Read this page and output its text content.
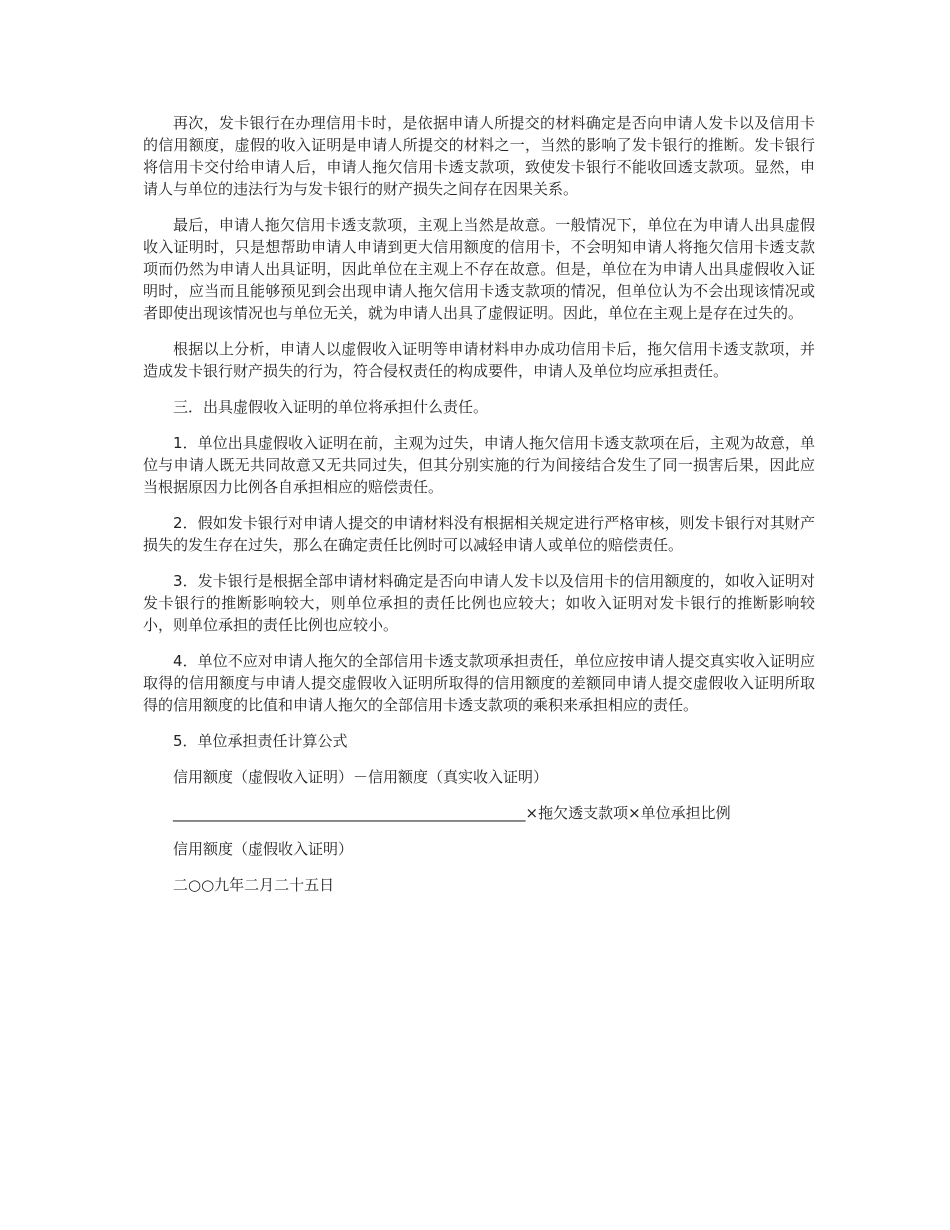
再次，发卡银行在办理信用卡时，是依据申请人所提交的材料确定是否向申请人发卡以及信用卡的信用额度，虚假的收入证明是申请人所提交的材料之一，当然的影响了发卡银行的推断。发卡银行将信用卡交付给申请人后，申请人拖欠信用卡透支款项，致使发卡银行不能收回透支款项。显然，申请人与单位的违法行为与发卡银行的财产损失之间存在因果关系。

最后，申请人拖欠信用卡透支款项，主观上当然是故意。一般情况下，单位在为申请人出具虚假收入证明时，只是想帮助申请人申请到更大信用额度的信用卡，不会明知申请人将拖欠信用卡透支款项而仍然为申请人出具证明，因此单位在主观上不存在故意。但是，单位在为申请人出具虚假收入证明时，应当而且能够预见到会出现申请人拖欠信用卡透支款项的情况，但单位认为不会出现该情况或者即使出现该情况也与单位无关，就为申请人出具了虚假证明。因此，单位在主观上是存在过失的。

根据以上分析，申请人以虚假收入证明等申请材料申办成功信用卡后，拖欠信用卡透支款项，并造成发卡银行财产损失的行为，符合侵权责任的构成要件，申请人及单位均应承担责任。

三．出具虚假收入证明的单位将承担什么责任。

1．单位出具虚假收入证明在前，主观为过失，申请人拖欠信用卡透支款项在后，主观为故意，单位与申请人既无共同故意又无共同过失，但其分别实施的行为间接结合发生了同一损害后果，因此应当根据原因力比例各自承担相应的赔偿责任。

2．假如发卡银行对申请人提交的申请材料没有根据相关规定进行严格审核，则发卡银行对其财产损失的发生存在过失，那么在确定责任比例时可以减轻申请人或单位的赔偿责任。

3．发卡银行是根据全部申请材料确定是否向申请人发卡以及信用卡的信用额度的，如收入证明对发卡银行的推断影响较大，则单位承担的责任比例也应较大；如收入证明对发卡银行的推断影响较小，则单位承担的责任比例也应较小。

4．单位不应对申请人拖欠的全部信用卡透支款项承担责任，单位应按申请人提交真实收入证明应取得的信用额度与申请人提交虚假收入证明所取得的信用额度的差额同申请人提交虚假收入证明所取得的信用额度的比值和申请人拖欠的全部信用卡透支款项的乘积来承担相应的责任。

5．单位承担责任计算公式

信用额度（虚假收入证明）－信用额度（真实收入证明）

_______________________________________________×拖欠透支款项×单位承担比例

信用额度（虚假收入证明）

二○○九年二月二十五日
